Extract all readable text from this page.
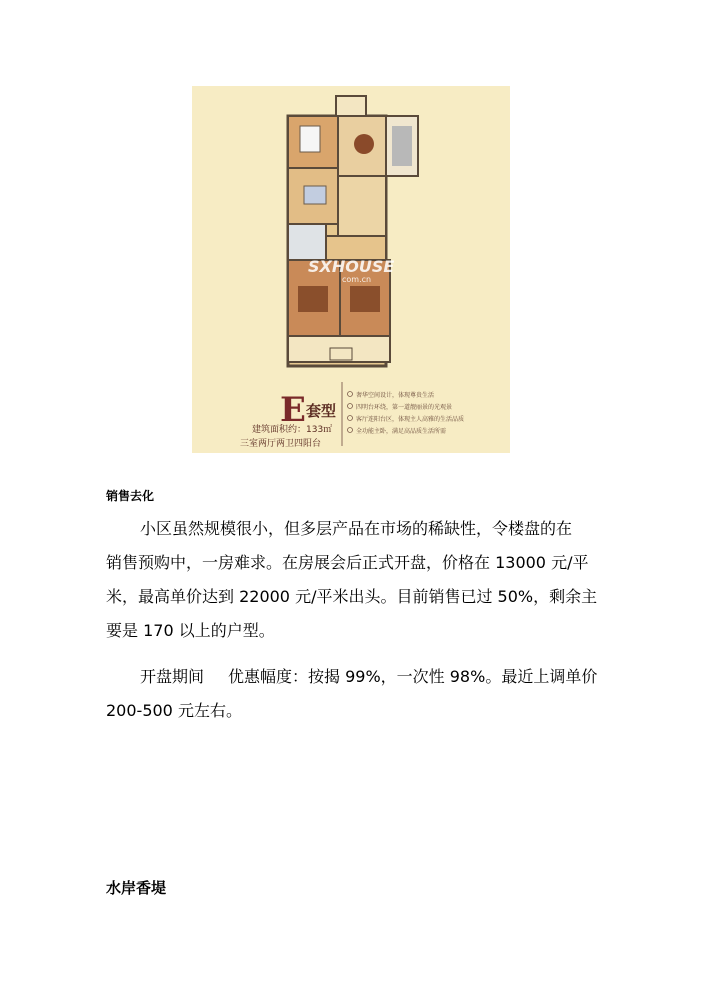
SXHOUSE
com.cn
E 套型
建筑面积约：133㎡
三室两厅两卫四阳台
奢华空间设计，体现尊贵生活
四明台环绕，第一道靓丽景的光观景
客厅连阳台区，体现主人高雅的生活品质
全功能主卧，满足高品质生活所需
销售去化
小区虽然规模很小，但多层产品在市场的稀缺性，令楼盘的在
销售预购中，一房难求。在房展会后正式开盘，价格在 13000 元/平
米，最高单价达到 22000 元/平米出头。目前销售已过 50%，剩余主
要是 170 以上的户型。
开盘期间 优惠幅度：按揭 99%，一次性 98%。最近上调单价
200-500 元左右。
水岸香堤
